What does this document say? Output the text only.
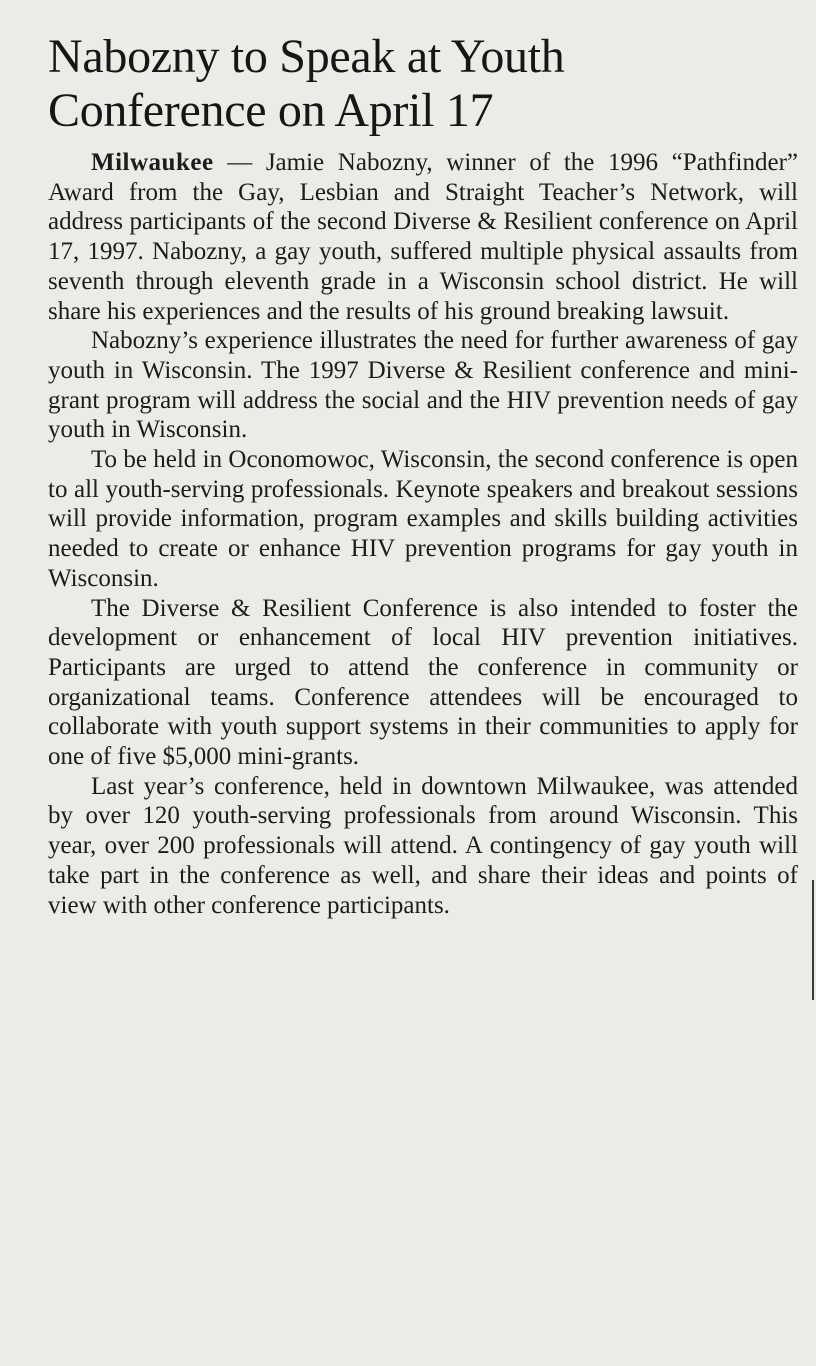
Nabozny to Speak at Youth
Conference on April 17

Milwaukee — Jamie Nabozny, winner of the 1996 “Pathfinder” Award from the Gay, Lesbian and Straight Teacher’s Network, will address participants of the second Diverse & Resilient conference on April 17, 1997. Nabozny, a gay youth, suffered multiple physical assaults from seventh through eleventh grade in a Wisconsin school district. He will share his experiences and the results of his ground breaking lawsuit.

Nabozny’s experience illustrates the need for further awareness of gay youth in Wisconsin. The 1997 Diverse & Resilient conference and mini-grant program will address the social and the HIV prevention needs of gay youth in Wisconsin.

To be held in Oconomowoc, Wisconsin, the second conference is open to all youth-serving professionals. Keynote speakers and breakout sessions will provide information, program examples and skills building activities needed to create or enhance HIV prevention programs for gay youth in Wisconsin.

The Diverse & Resilient Conference is also intended to foster the development or enhancement of local HIV prevention initiatives. Participants are urged to attend the conference in community or organizational teams. Conference attendees will be encouraged to collaborate with youth support systems in their communities to apply for one of five $5,000 mini-grants.

Last year’s conference, held in downtown Milwaukee, was attended by over 120 youth-serving professionals from around Wisconsin. This year, over 200 professionals will attend. A contingency of gay youth will take part in the conference as well, and share their ideas and points of view with other conference participants.
